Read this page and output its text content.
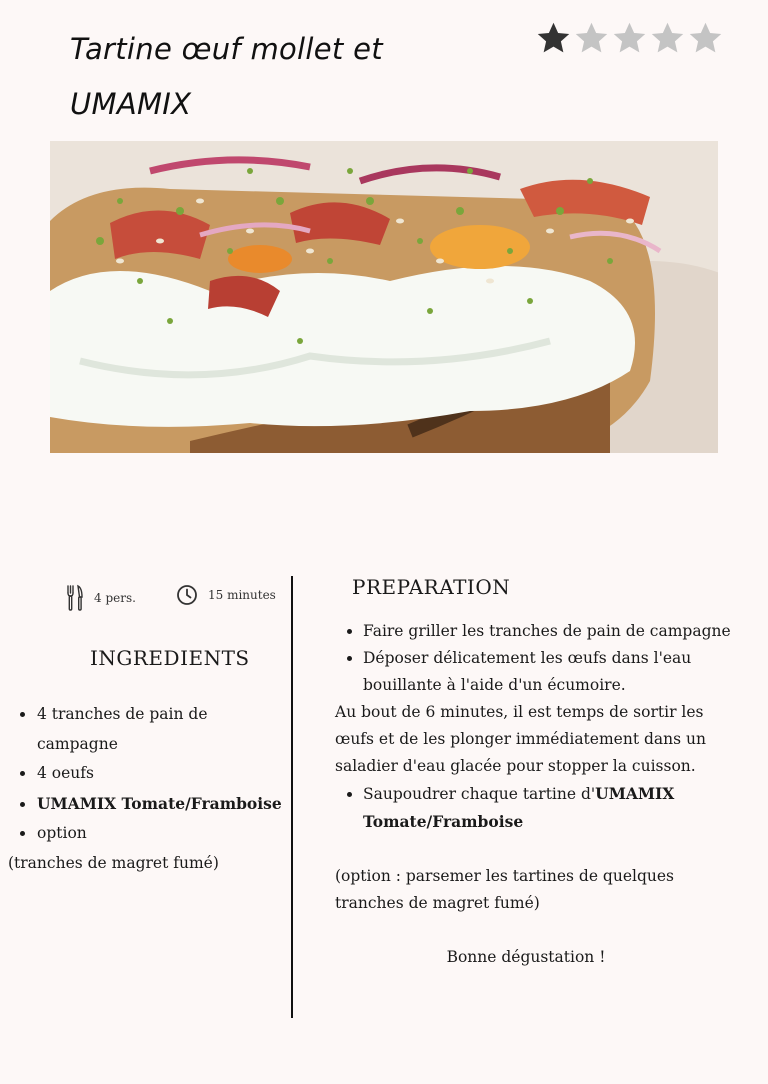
Tartine œuf mollet et UMAMIX
4 pers.	15 minutes
INGREDIENTS
• 4 tranches de pain de campagne
• 4 oeufs
• UMAMIX Tomate/Framboise
• option

(tranches de magret fumé)

PREPARATION
• Faire griller les tranches de pain de campagne
• Déposer délicatement les œufs dans l'eau bouillante à l'aide d'un écumoire.

Au bout de 6 minutes, il est temps de sortir les œufs et de les plonger immédiatement dans un saladier d'eau glacée pour stopper la cuisson.

• Saupoudrer chaque tartine d'UMAMIX Tomate/Framboise

(option : parsemer les tartines de quelques tranches de magret fumé)

Bonne dégustation !
